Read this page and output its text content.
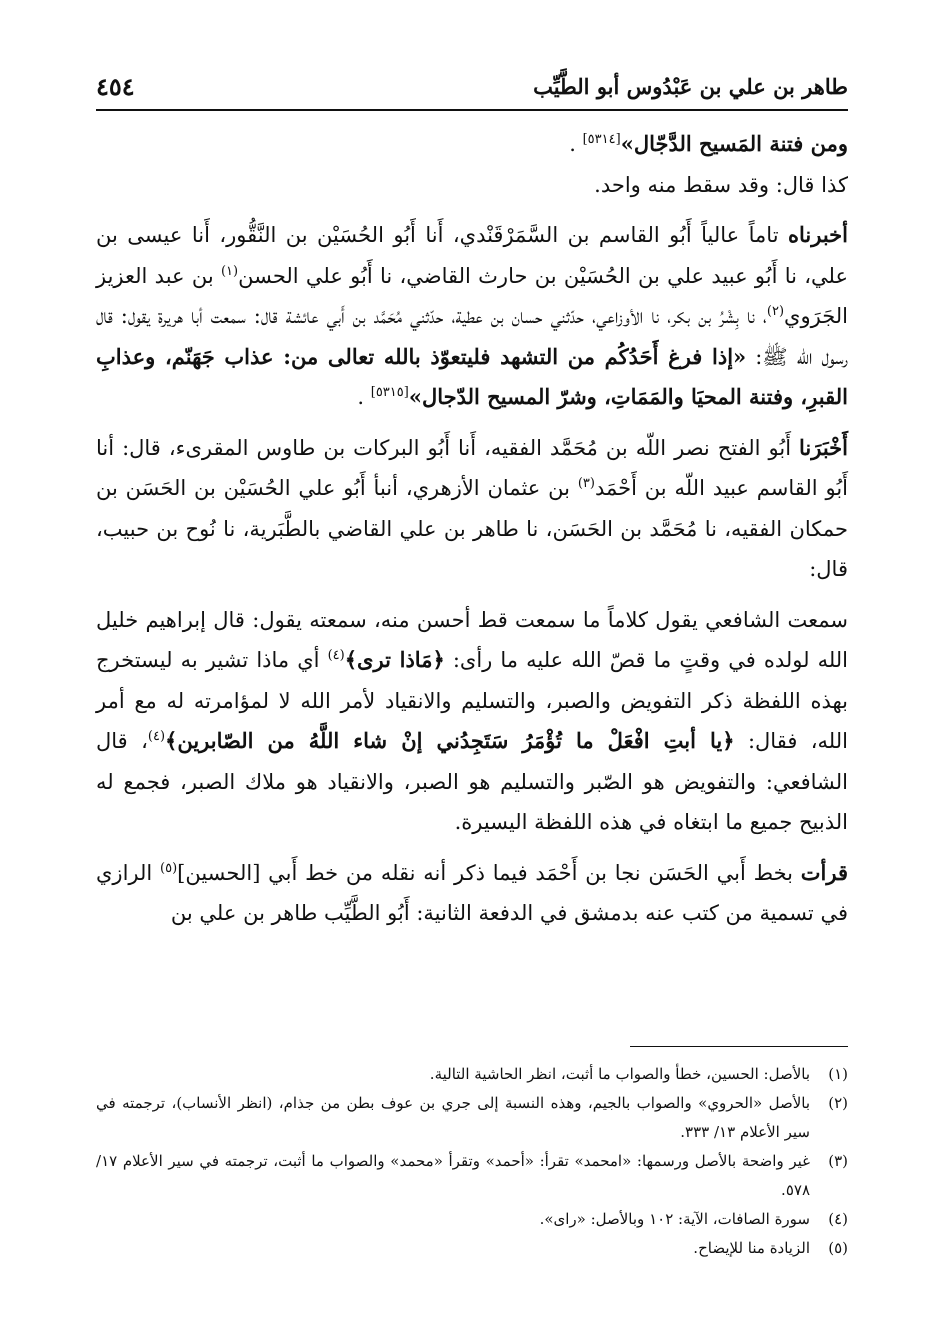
طاهر بن علي بن عَبْدُوس أبو الطَّيِّب
٤٥٤

ومن فتنة المَسيح الدَّجّال»[٥٣١٤] .

كذا قال: وقد سقط منه واحد.

أخبرناه تاماً عالياً أَبُو القاسم بن السَّمَرْقَنْدي، أَنا أَبُو الحُسَيْن بن النَّقُّور، أَنا عيسى بن علي، نا أَبُو عبيد علي بن الحُسَيْن بن حارث القاضي، نا أَبُو علي الحسن$^{(١)}$ بن عبد العزيز الجَرَوي$^{(٢)}$، نا بِشْرُ بن بكر، نا الأوزاعي، حدّثني حسان بن عطية، حدّثني مُحَمَّد بن أَبي عائشة قال: سمعت أبا هريرة يقول: قال رسول الله ﷺ: «إذا فرغ أَحَدُكُم من التشهد فليتعوّذ بالله تعالى من: عذاب جَهَنّم، وعذابِ القبرِ، وفتنة المحيَا والمَمَاتِ، وشرّ المسيح الدّجال»[٥٣١٥] .

أَخْبَرَنا أَبُو الفتح نصر اللّه بن مُحَمَّد الفقيه، أَنا أَبُو البركات بن طاوس المقرىء، قال: أنا أَبُو القاسم عبيد اللّه بن أَحْمَد$^{(٣)}$ بن عثمان الأزهري، أنبأ أَبُو علي الحُسَيْن بن الحَسَن بن حمكان الفقيه، نا مُحَمَّد بن الحَسَن، نا طاهر بن علي القاضي بالطَّبَرية، نا نُوح بن حبيب، قال:

سمعت الشافعي يقول كلاماً ما سمعت قط أحسن منه، سمعته يقول: قال إبراهيم خليل الله لولده في وقتٍ ما قصّ الله عليه ما رأى: ﴿مَاذا ترى﴾$^{(٤)}$ أي ماذا تشير به ليستخرج بهذه اللفظة ذكر التفويض والصبر، والتسليم والانقياد لأمر الله لا لمؤامرته له مع أمر الله، فقال: ﴿يا أبتِ افْعَلْ ما تُؤْمَرُ سَتَجِدُني إنْ شاء اللَّهُ من الصّابرين﴾$^{(٤)}$، قال الشافعي: والتفويض هو الصّبر والتسليم هو الصبر، والانقياد هو ملاك الصبر، فجمع له الذبيح جميع ما ابتغاه في هذه اللفظة اليسيرة.

قرأت بخط أَبي الحَسَن نجا بن أَحْمَد فيما ذكر أنه نقله من خط أَبي [الحسين]$^{(٥)}$ الرازي في تسمية من كتب عنه بدمشق في الدفعة الثانية: أَبُو الطَّيِّب طاهر بن علي بن

(١)
بالأصل: الحسين، خطأ والصواب ما أثبت، انظر الحاشية التالية.
(٢)
بالأصل «الحروي» والصواب بالجيم، وهذه النسبة إلى جري بن عوف بطن من جذام، (انظر الأنساب)، ترجمته في سير الأعلام ١٣/ ٣٣٣.
(٣)
غير واضحة بالأصل ورسمها: «امحمد» تقرأ: «أحمد» وتقرأ «محمد» والصواب ما أثبت، ترجمته في سير الأعلام ١٧/ ٥٧٨.
(٤)
سورة الصافات، الآية: ١٠٢ وبالأصل: «راى».
(٥)
الزيادة منا للإيضاح.
